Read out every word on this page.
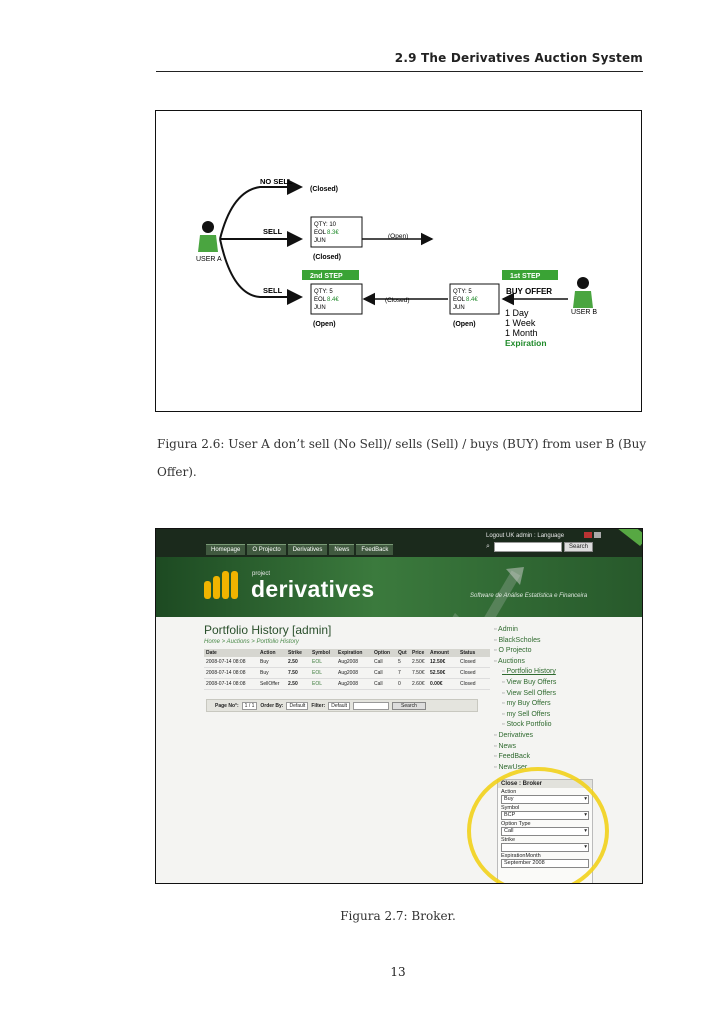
2.9 The Derivatives Auction System
USER A
NO SELL
(Closed)
SELL
QTY: 10
EOL 8.3€
JUN
(Open)
(Closed)
2nd STEP	1st STEP
SELL	QTY: 5
EOL 8.4€
JUN
(Open)
(Closed)
QTY: 5
EOL 8.4€
JUN
(Open)
BUY OFFER
USER B
1 Day
1 Week
1 Month
Expiration
Figura 2.6: User A don’t sell (No Sell)/ sells (Sell) / buys (BUY) from user B (Buy
Offer).
Logout UK admin : Language
⌕	Search
Homepage	O Projecto	Derivatives	News	FeedBack
project
derivatives	Software de Análise Estatística e Financeira
Portfolio History [admin]
Home > Auctions > Portfolio History
Date	Action	Strike	Symbol	Expiration	Option	Qut	Price	Amount	Status
2008-07-14 08:08	Buy	2.50	EOL	Aug2008	Call	5	2.50€	12.50€	Closed
2008-07-14 08:08	Buy	7.50	EOL	Aug2008	Call	7	7.50€	52.50€	Closed
2008-07-14 08:08	SellOffer	2.50	EOL	Aug2008	Call	0	2.60€	0.00€	Closed
Page No°:	1 / 1	Order By:	Default	Filter:	Default	Search
▫ Admin
▫ BlackScholes
▫ O Projecto
▫ Auctions
▫ Portfolio History
▫ View Buy Offers
▫ View Sell Offers
▫ my Buy Offers
▫ my Sell Offers
▫ Stock Portfolio
▫ Derivatives
▫ News
▫ FeedBack
▫ NewUser
Close : Broker
Action
Buy	▾
Symbol
BCP	▾
Option Type
Call	▾
Strike
▾
ExpirationMonth
September 2008
Figura 2.7: Broker.
13
